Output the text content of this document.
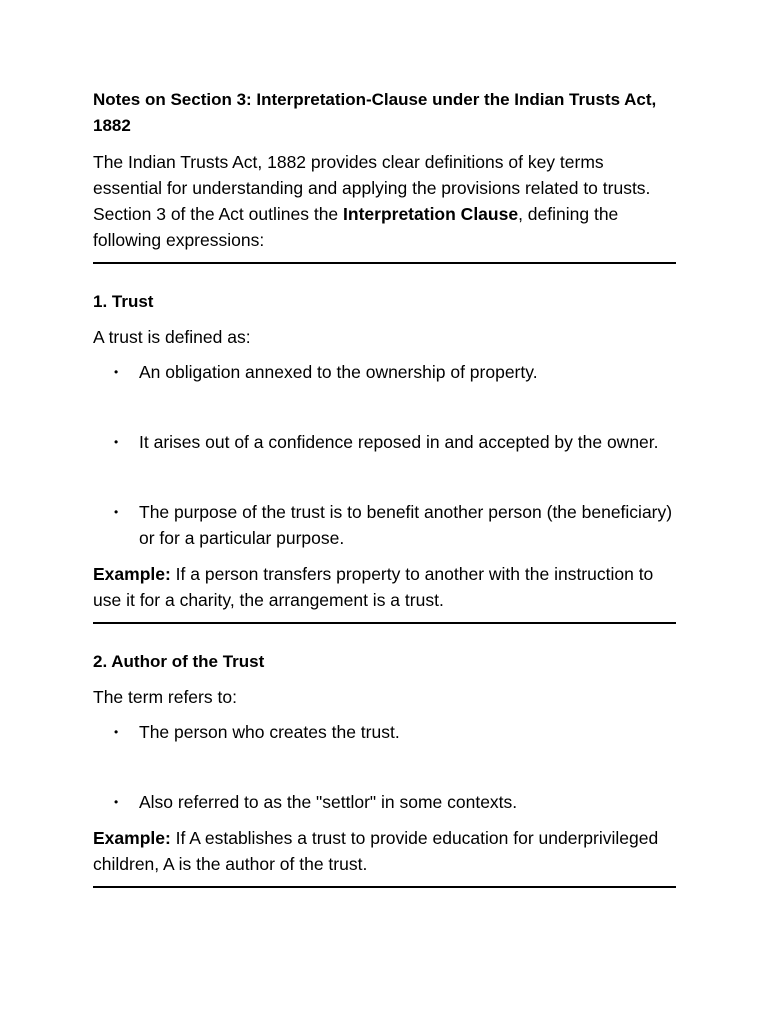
Notes on Section 3: Interpretation-Clause under the Indian Trusts Act, 1882

The Indian Trusts Act, 1882 provides clear definitions of key terms essential for understanding and applying the provisions related to trusts. Section 3 of the Act outlines the Interpretation Clause, defining the following expressions:

1. Trust

A trust is defined as:

• An obligation annexed to the ownership of property.
• It arises out of a confidence reposed in and accepted by the owner.
• The purpose of the trust is to benefit another person (the beneficiary) or for a particular purpose.

Example: If a person transfers property to another with the instruction to use it for a charity, the arrangement is a trust.

2. Author of the Trust

The term refers to:

• The person who creates the trust.
• Also referred to as the "settlor" in some contexts.

Example: If A establishes a trust to provide education for underprivileged children, A is the author of the trust.
